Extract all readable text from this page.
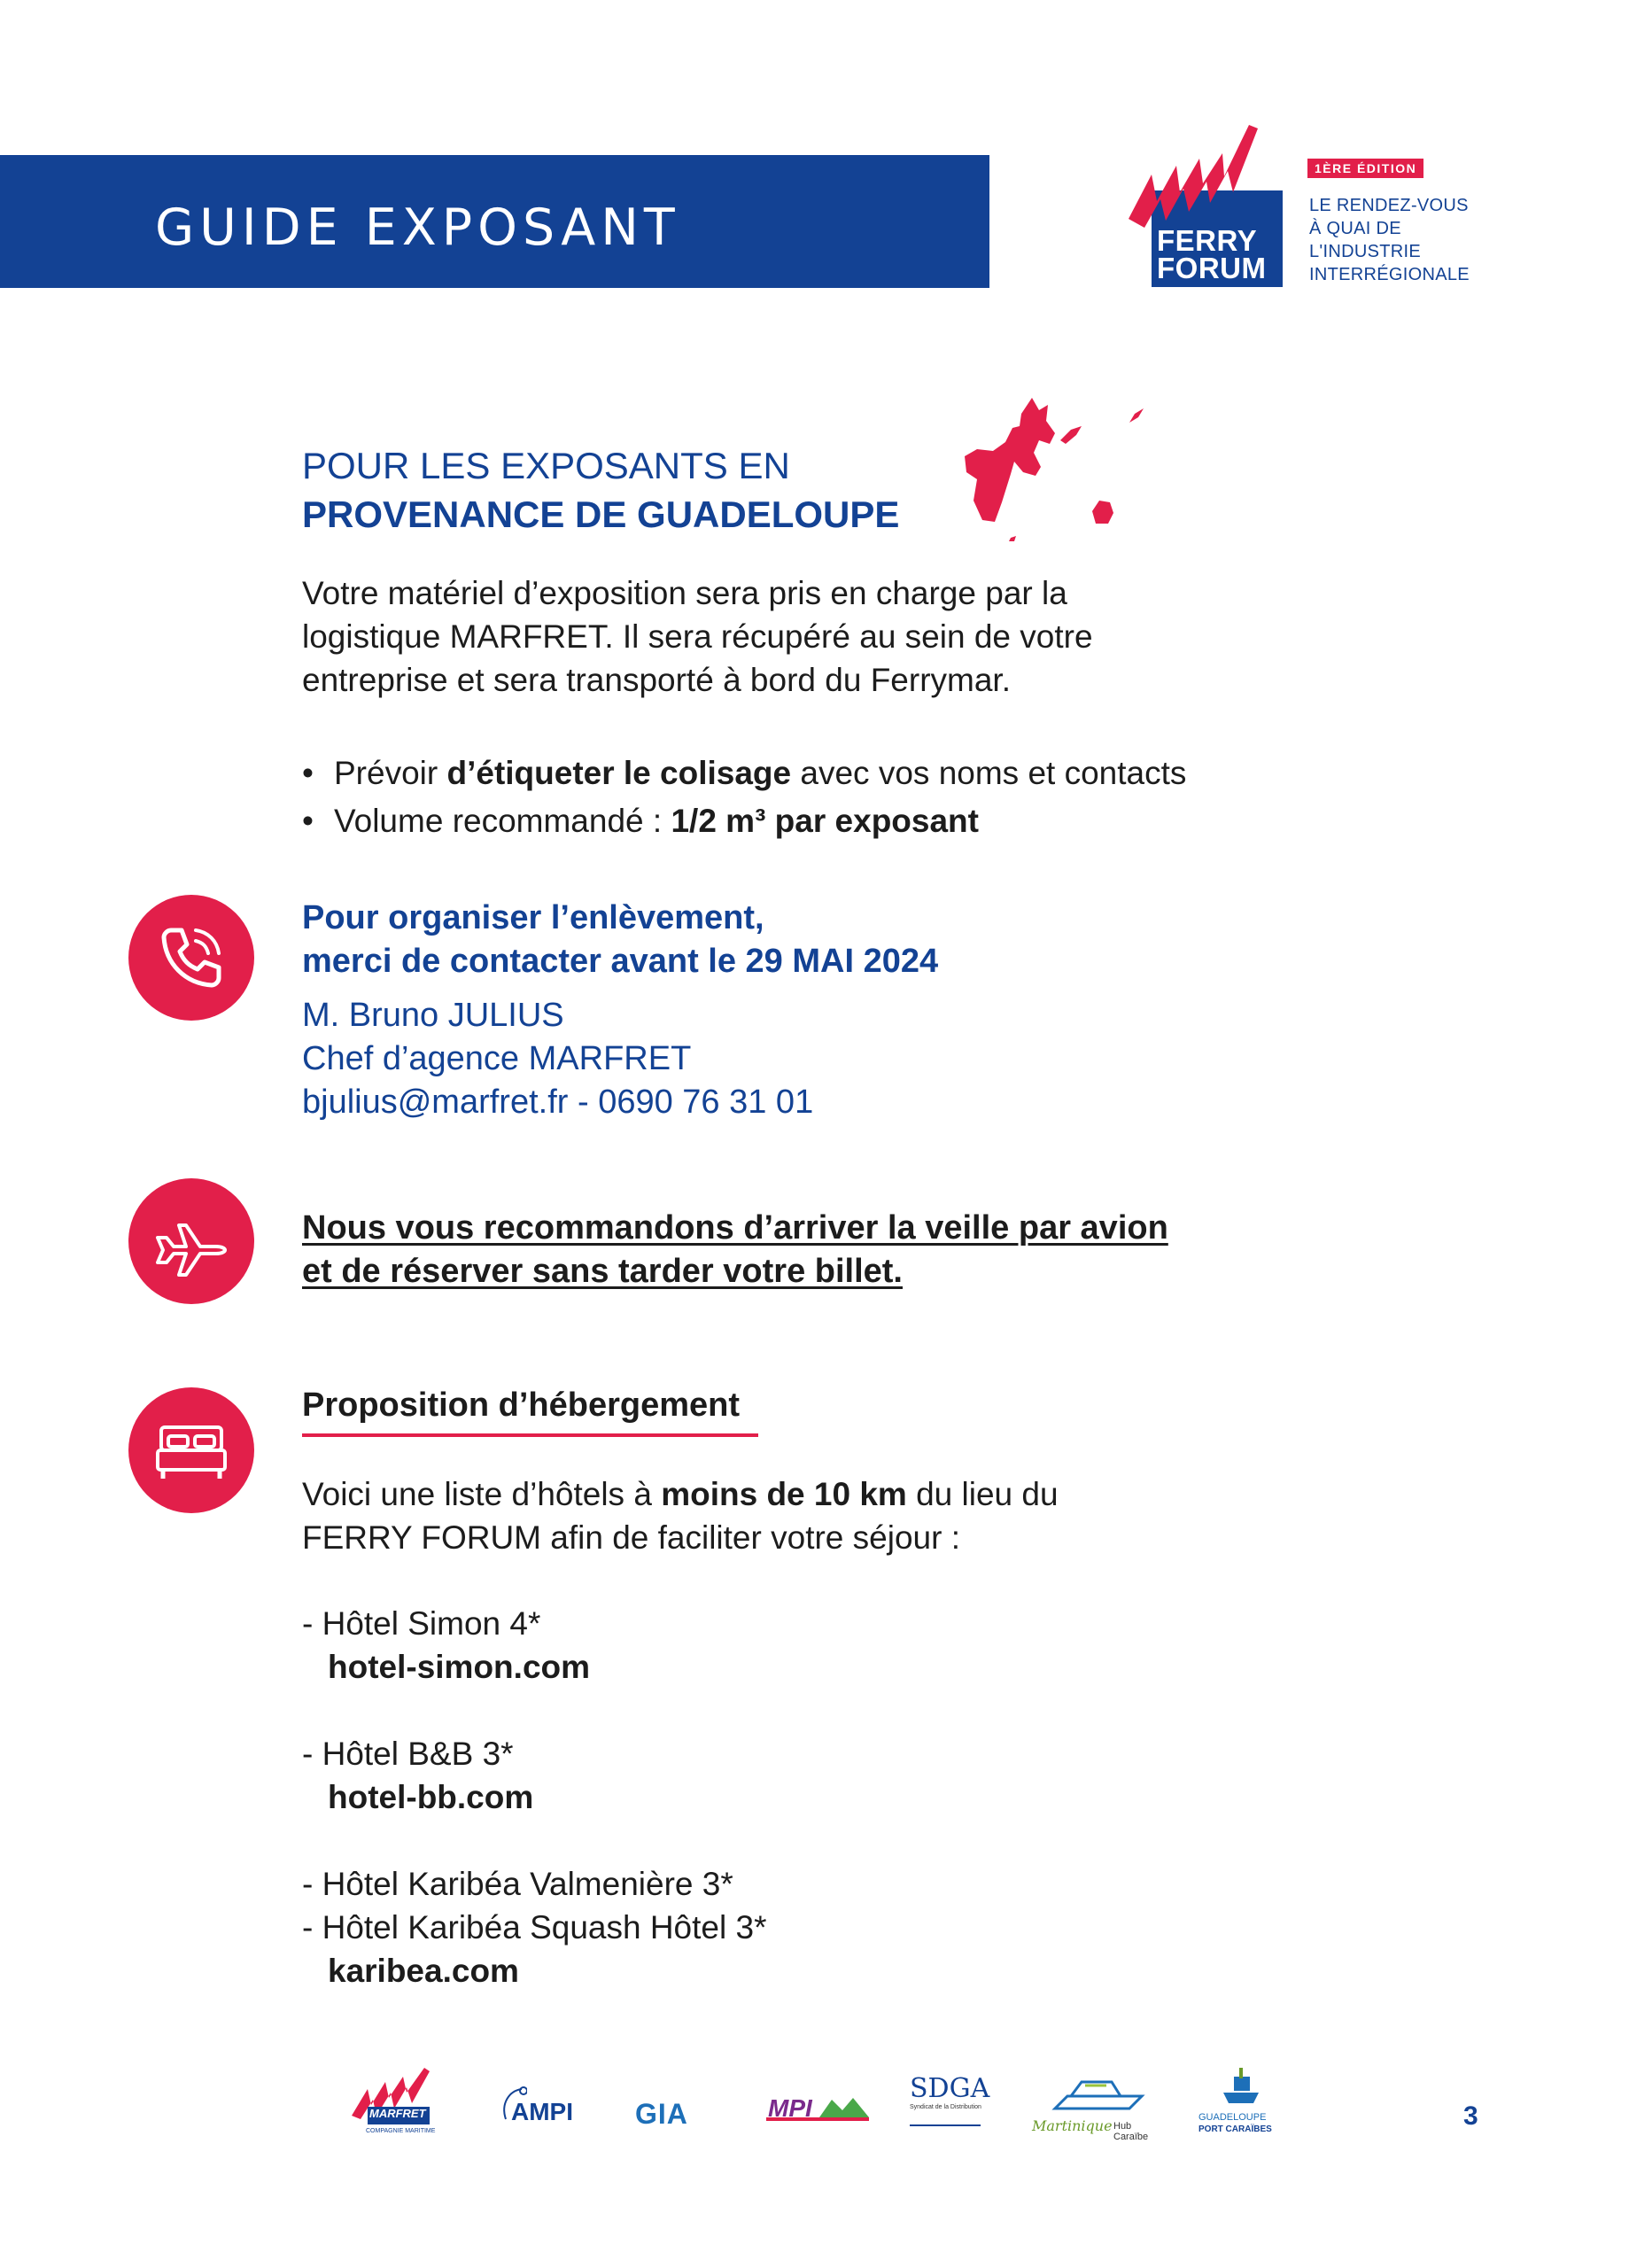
GUIDE EXPOSANT	FERRY
FORUM
1ÈRE ÉDITION
LE RENDEZ-VOUS
À QUAI DE
L'INDUSTRIE
INTERRÉGIONALE
POUR LES EXPOSANTS EN
PROVENANCE DE GUADELOUPE
Votre matériel d’exposition sera pris en charge par la
logistique MARFRET. Il sera récupéré au sein de votre
entreprise et sera transporté à bord du Ferrymar.
• Prévoir d’étiqueter le colisage avec vos noms et contacts
• Volume recommandé : 1/2 m³ par exposant
Pour organiser l’enlèvement,
merci de contacter avant le 29 MAI 2024
M. Bruno JULIUS
Chef d’agence MARFRET
bjulius@marfret.fr - 0690 76 31 01
Nous vous recommandons d’arriver la veille par avion
et de réserver sans tarder votre billet.
Proposition d’hébergement
Voici une liste d’hôtels à moins de 10 km du lieu du
FERRY FORUM afin de faciliter votre séjour :
- Hôtel Simon 4*
hotel-simon.com
- Hôtel B&B 3*
hotel-bb.com
- Hôtel Karibéa Valmenière 3*
- Hôtel Karibéa Squash Hôtel 3*
karibea.com
MARFRET
COMPAGNIE MARITIME
AMPI GIA	MPI
SDGA
Syndicat de la Distribution
Martinique Hub Caraïbe
GUADELOUPE
PORT CARAÏBES	3
